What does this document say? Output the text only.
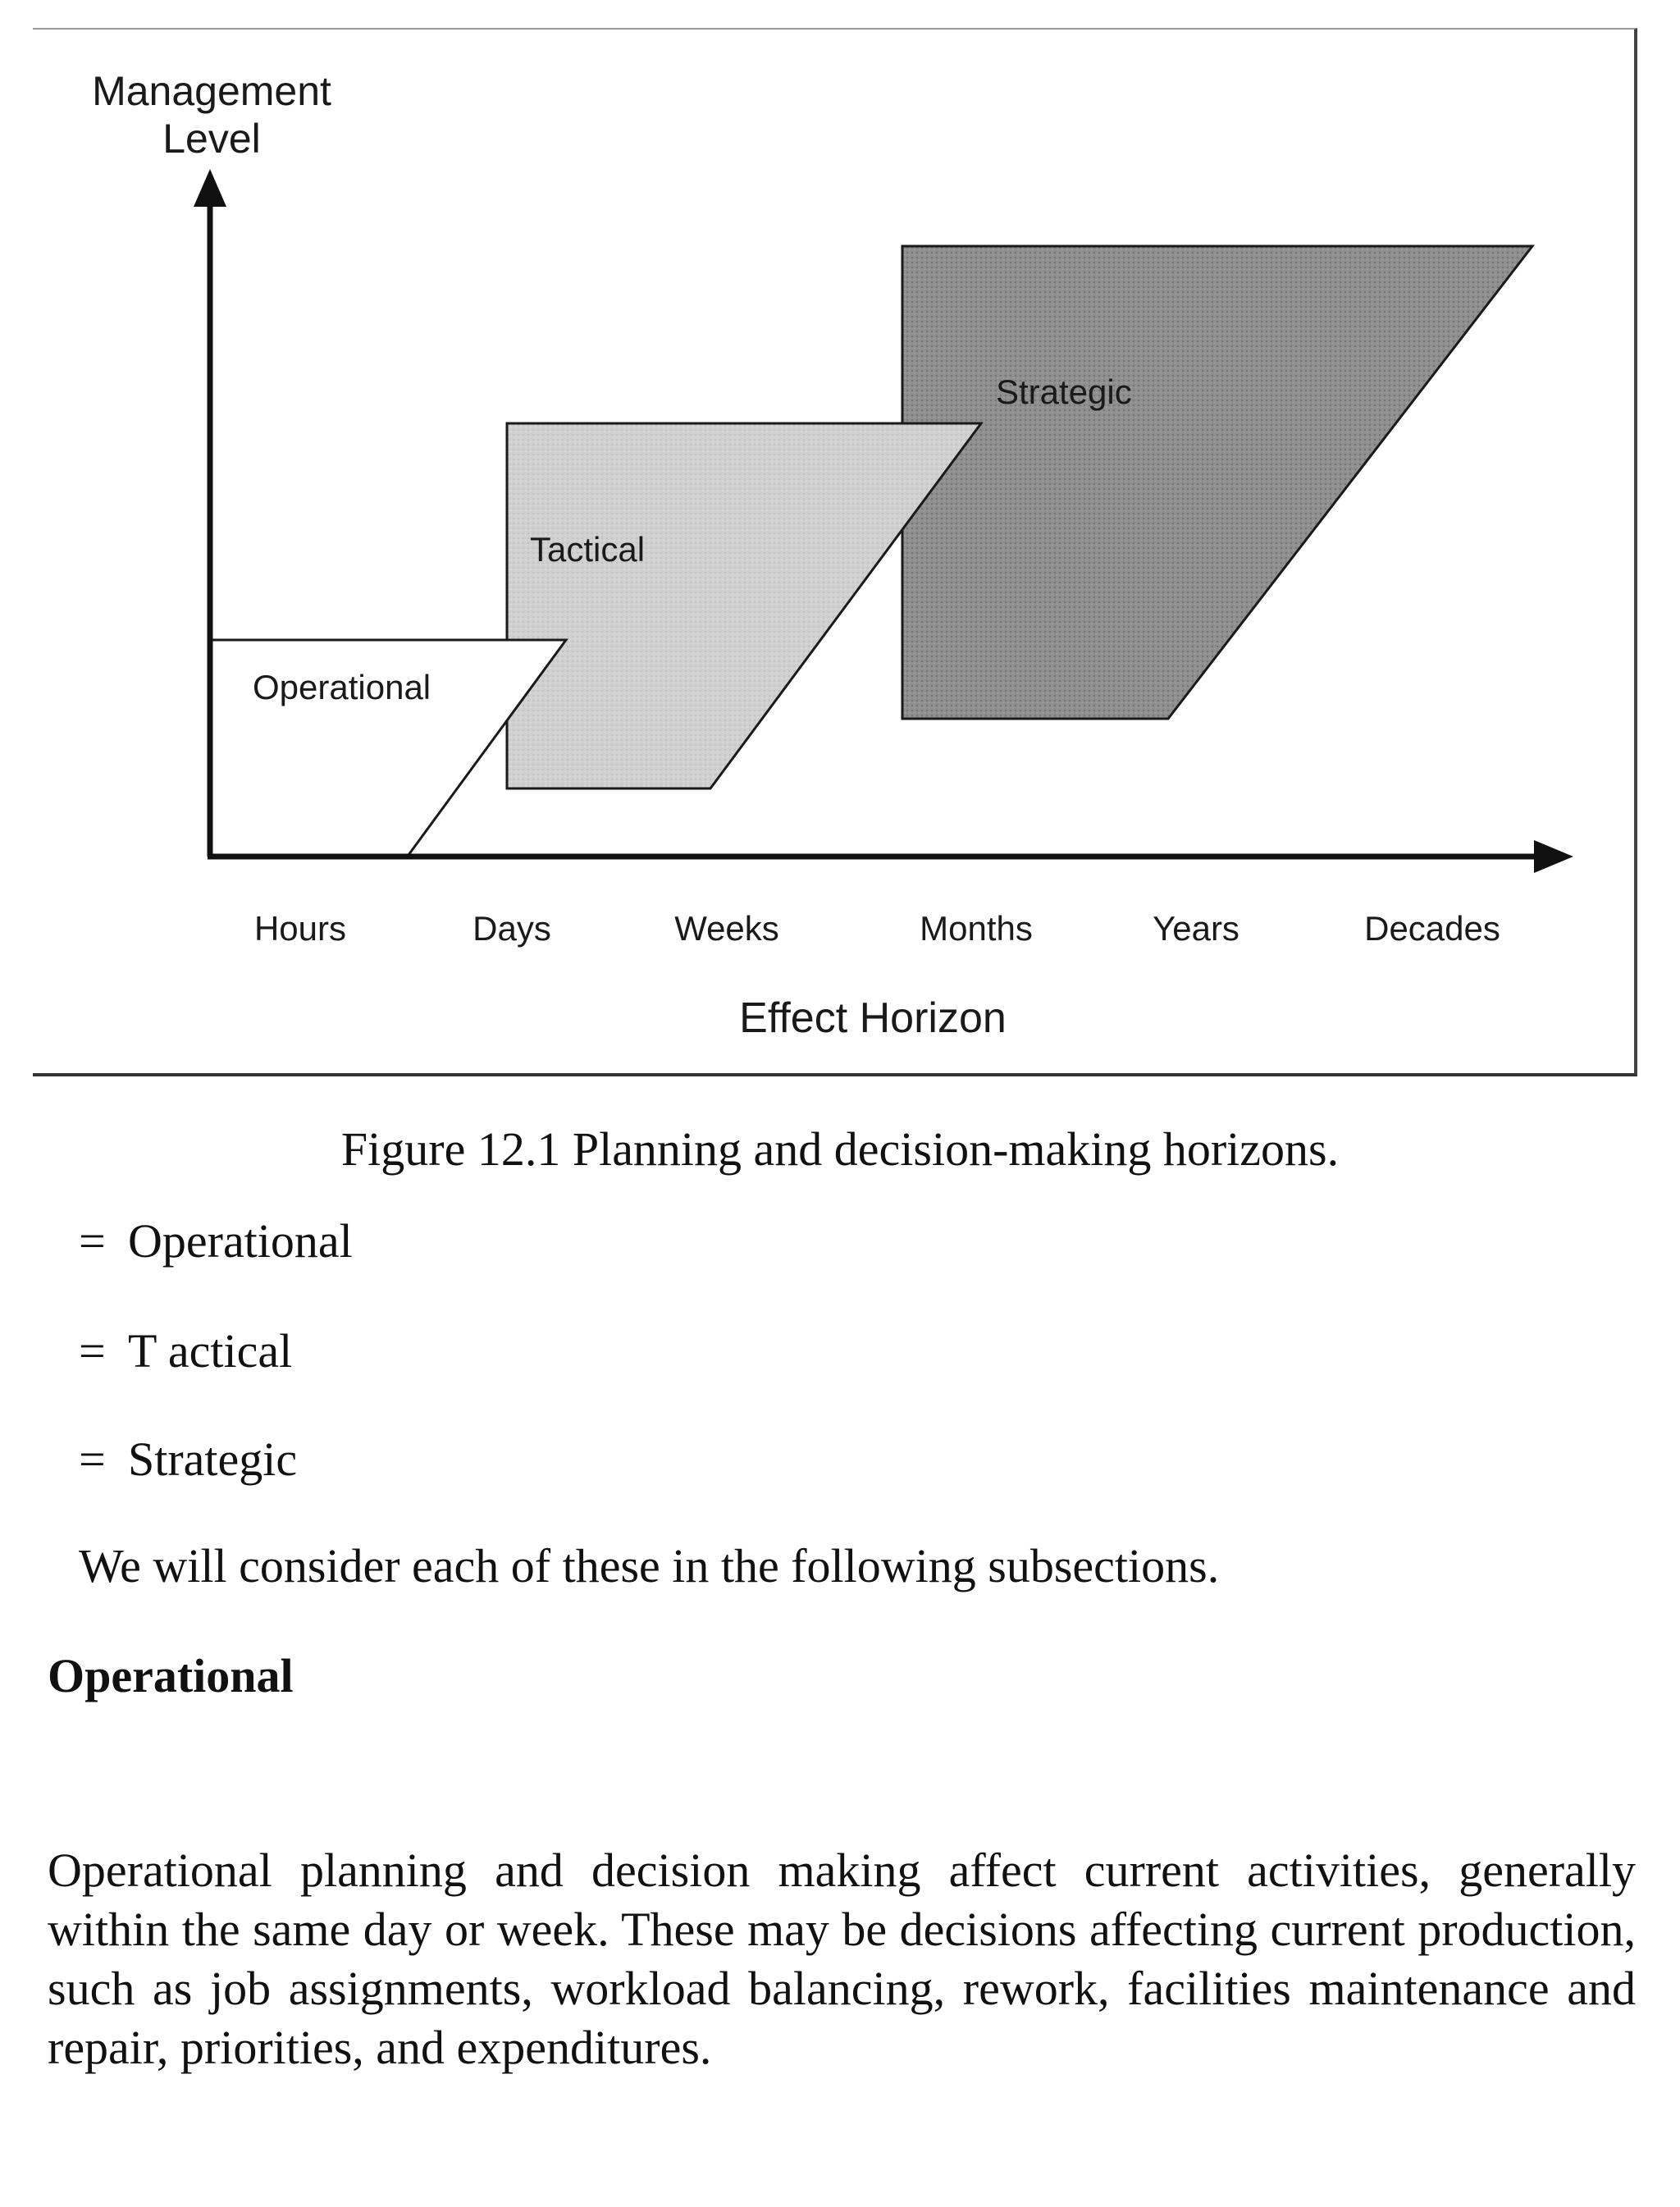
Management
Level
Effect Horizon
Hours	Days	Weeks	Months	Years	Decades
Operational
Tactical
Strategic
Figure 12.1 Planning and decision-making horizons.
= Operational
= T actical
= Strategic
We will consider each of these in the following subsections.
Operational
Operational planning and decision making affect current activities, generally within the same day or week. These may be decisions affecting current production, such as job assignments, workload balancing, rework, facilities maintenance and repair, priorities, and expenditures.
